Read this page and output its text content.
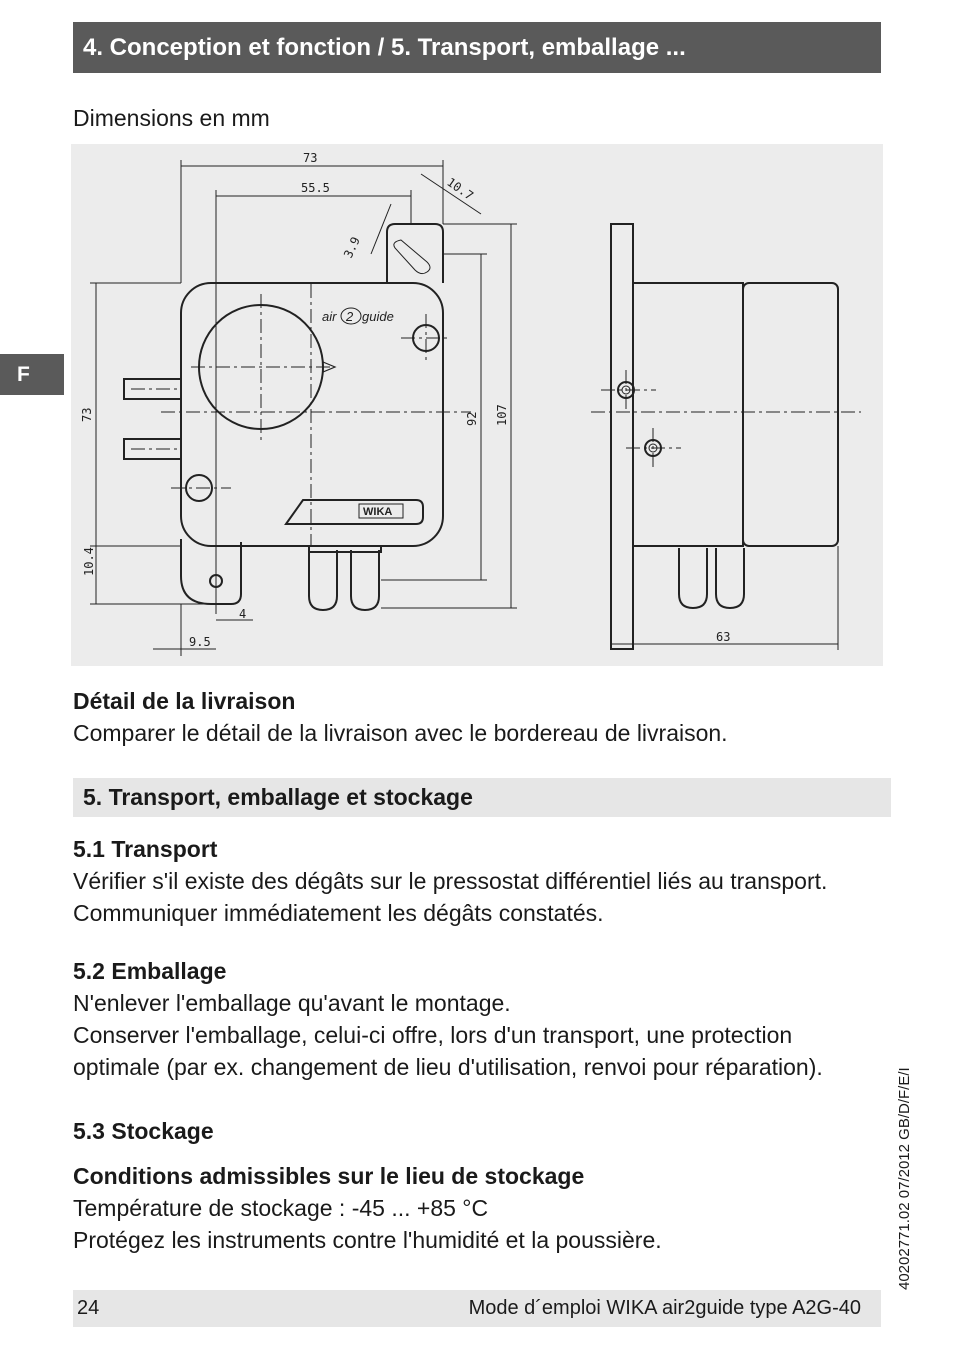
4. Conception et fonction / 5. Transport, emballage ...
F
Dimensions en mm
73
55.5	10.7
3.9
73
10.4
92 107
4
9.5	63
air 2 guide
WIKA
Détail de la livraison
Comparer le détail de la livraison avec le bordereau de livraison.
5. Transport, emballage et stockage
5.1 Transport
Vérifier s'il existe des dégâts sur le pressostat différentiel liés au transport.
Communiquer immédiatement les dégâts constatés.
5.2 Emballage
N'enlever l'emballage qu'avant le montage.
Conserver l'emballage, celui-ci offre, lors d'un transport, une protection
optimale (par ex. changement de lieu d'utilisation, renvoi pour réparation).
5.3 Stockage
Conditions admissibles sur le lieu de stockage
Température de stockage : -45 ... +85 °C
Protégez les instruments contre l'humidité et la poussière.	40202771.02 07/2012 GB/D/F/E/I
24	Mode d´emploi WIKA air2guide type A2G-40
